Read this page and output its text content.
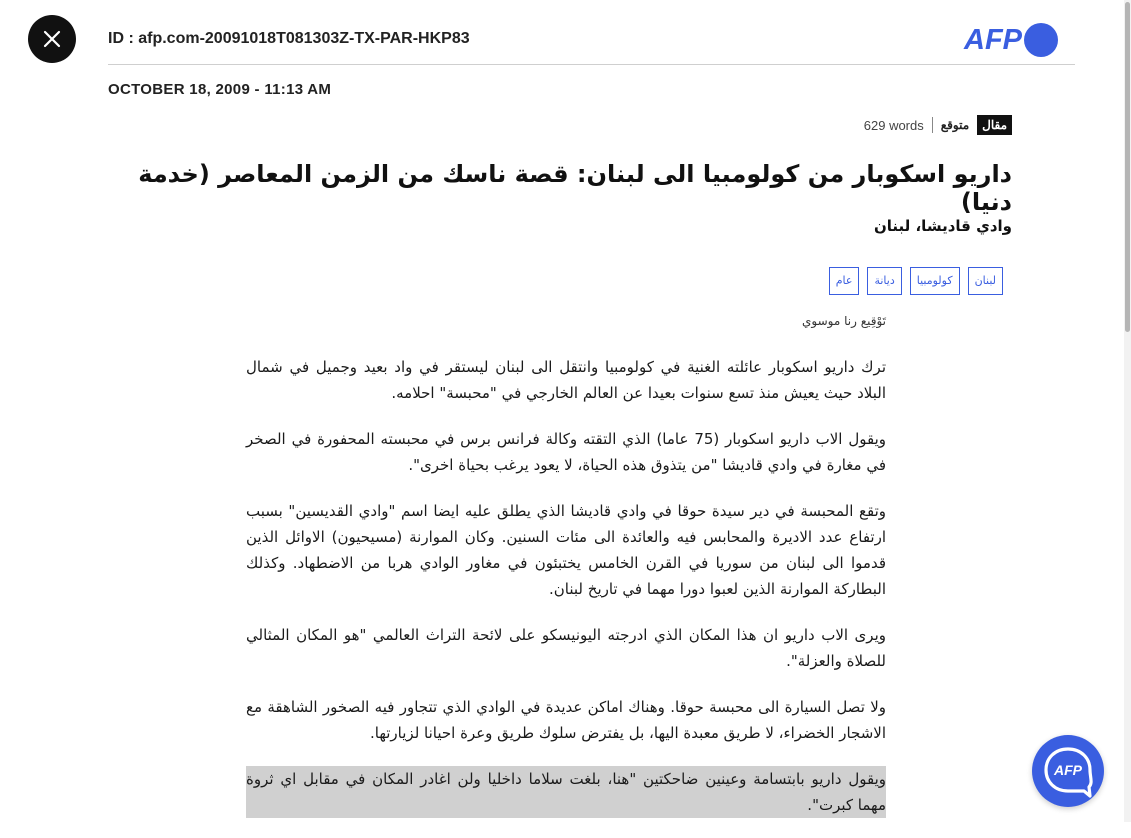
ID : afp.com-20091018T081303Z-TX-PAR-HKP83	AFP
OCTOBER 18, 2009 - 11:13 AM
629 words متوقع	مقال
داريو اسكوبار من كولومبيا الى لبنان: قصة ناسك من الزمن المعاصر (خدمة دنيا)
وادي قاديشا، لبنان
لبنان
كولومبيا
ديانة
عام
تَوْقِيع رنا موسوي

ترك داريو اسكوبار عائلته الغنية في كولومبيا وانتقل الى لبنان ليستقر في واد بعيد وجميل في شمال البلاد حيث يعيش منذ تسع سنوات بعيدا عن العالم الخارجي في "محبسة" احلامه.

ويقول الاب داريو اسكوبار (75 عاما) الذي التقته وكالة فرانس برس في محبسته المحفورة في الصخر في مغارة في وادي قاديشا "من يتذوق هذه الحياة، لا يعود يرغب بحياة اخرى".

وتقع المحبسة في دير سيدة حوقا في وادي قاديشا الذي يطلق عليه ايضا اسم "وادي القديسين" بسبب ارتفاع عدد الاديرة والمحابس فيه والعائدة الى مئات السنين. وكان الموارنة (مسيحيون) الاوائل الذين قدموا الى لبنان من سوريا في القرن الخامس يختبئون في مغاور الوادي هربا من الاضطهاد. وكذلك البطاركة الموارنة الذين لعبوا دورا مهما في تاريخ لبنان.

ويرى الاب داريو ان هذا المكان الذي ادرجته اليونيسكو على لائحة التراث العالمي "هو المكان المثالي للصلاة والعزلة".

ولا تصل السيارة الى محبسة حوقا. وهناك اماكن عديدة في الوادي الذي تتجاور فيه الصخور الشاهقة مع الاشجار الخضراء، لا طريق معبدة اليها، بل يفترض سلوك طريق وعرة احيانا لزيارتها.

ويقول داريو بابتسامة وعينين ضاحكتين "هنا، بلغت سلاما داخليا ولن اغادر المكان في مقابل اي ثروة مهما كبرت".

AFP
